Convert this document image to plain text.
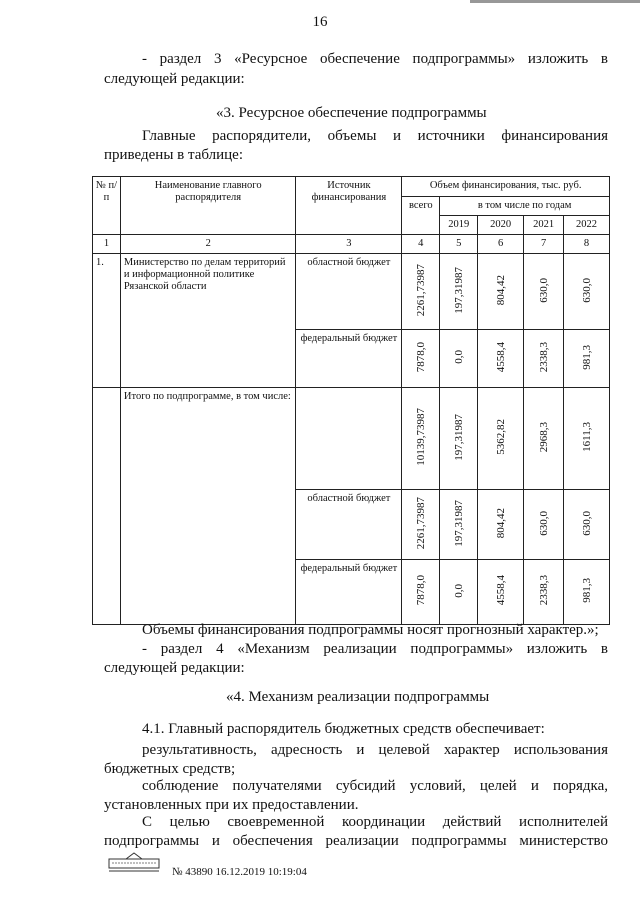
16
- раздел 3 «Ресурсное обеспечение подпрограммы» изложить в
следующей редакции:
«3. Ресурсное обеспечение подпрограммы
Главные распорядители, объемы и источники финансирования
приведены в таблице:
№ п/п	Наименование главного распорядителя	Источник финансирования	Объем финансирования, тыс. руб.				
			всего	в том числе по годам			
				2019	2020	2021	2022
1	2	3	4	5	6	7	8
1.	Министерство по делам территорий и информационной политике Рязанской области	областной бюджет	2261,73987	197,31987	804,42	630,0	630,0
		федеральный бюджет	7878,0	0,0	4558,4	2338,3	981,3
	Итого по подпрограмме, в том числе:		10139,73987	197,31987	5362,82	2968,3	1611,3
		областной бюджет	2261,73987	197,31987	804,42	630,0	630,0
		федеральный бюджет	7878,0	0,0	4558,4	2338,3	981,3
Объемы финансирования подпрограммы носят прогнозный характер.»;
- раздел 4 «Механизм реализации подпрограммы» изложить в
следующей редакции:
«4. Механизм реализации подпрограммы
4.1. Главный распорядитель бюджетных средств обеспечивает:
результативность, адресность и целевой характер использования
бюджетных средств;
соблюдение получателями субсидий условий, целей и порядка,
установленных при их предоставлении.
С целью своевременной координации действий исполнителей
подпрограммы и обеспечения реализации подпрограммы министерство
№ 43890 16.12.2019 10:19:04
